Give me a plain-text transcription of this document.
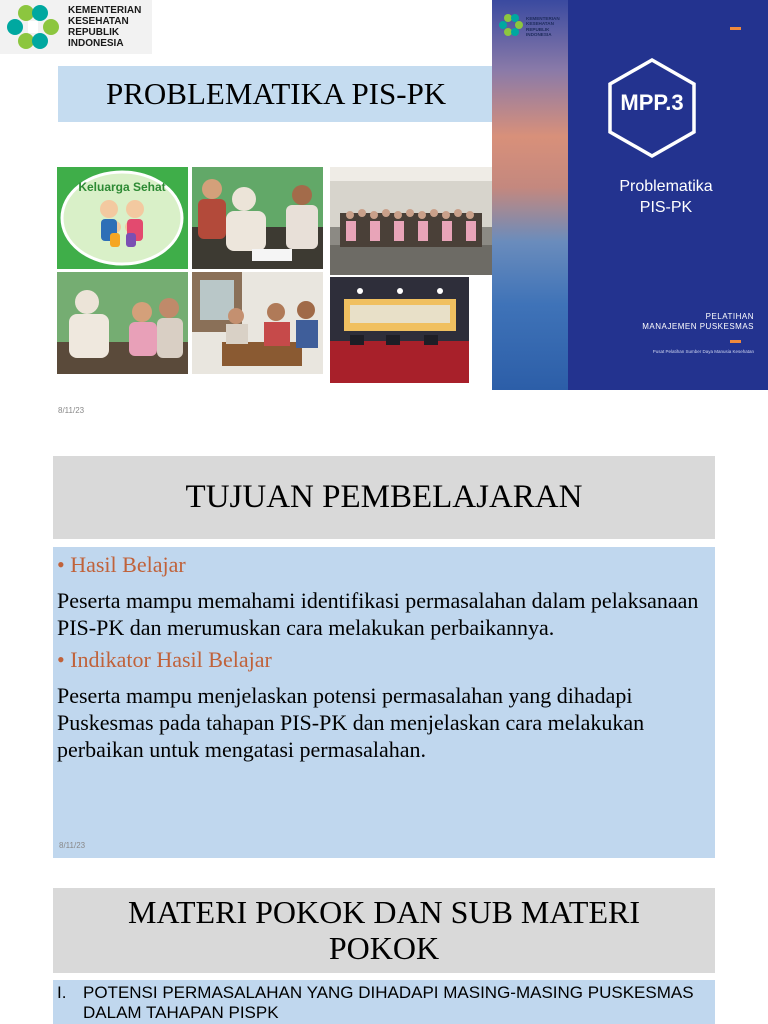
KEMENTERIAN
KESEHATAN
REPUBLIK
INDONESIA
PROBLEMATIKA PIS-PK
Keluarga Sehat
8/11/23
KEMENTERIAN
KESEHATAN
REPUBLIK
INDONESIA
MPP.3
Problematika
PIS-PK
PELATIHAN
MANAJEMEN PUSKESMAS
Pusat Pelatihan Sumber Daya Manusia Kesehatan
TUJUAN PEMBELAJARAN
• Hasil Belajar
Peserta mampu memahami identifikasi permasalahan dalam pelaksanaan PIS-PK dan merumuskan cara melakukan perbaikannya.
• Indikator Hasil Belajar
Peserta mampu menjelaskan potensi permasalahan yang dihadapi Puskesmas pada tahapan PIS-PK dan menjelaskan cara melakukan perbaikan untuk mengatasi permasalahan.
8/11/23
MATERI POKOK DAN SUB MATERI
POKOK
I. POTENSI PERMASALAHAN YANG DIHADAPI MASING-MASING PUSKESMAS DALAM TAHAPAN PISPK
